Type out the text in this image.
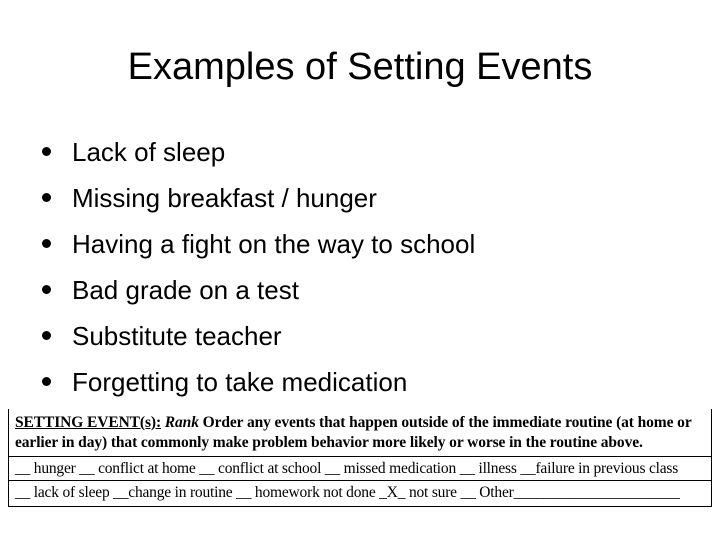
Examples of Setting Events
Lack of sleep
Missing breakfast / hunger
Having a fight on the way to school
Bad grade on a test
Substitute teacher
Forgetting to take medication
SETTING EVENT(s): Rank Order any events that happen outside of the immediate routine (at home or
earlier in day) that commonly make problem behavior more likely or worse in the routine above.
__ hunger __ conflict at home __ conflict at school __ missed medication __ illness __failure in previous class
__ lack of sleep __change in routine __ homework not done _X_ not sure __ Other______________________
